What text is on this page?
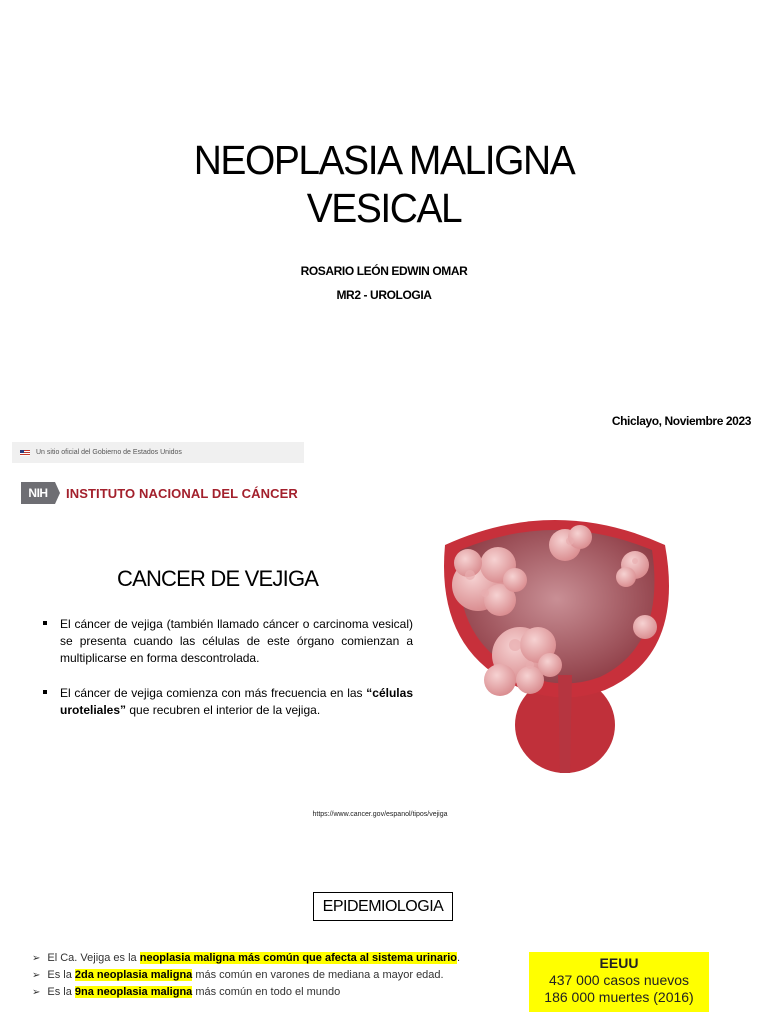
NEOPLASIA MALIGNA
VESICAL
ROSARIO LEÓN EDWIN OMAR
MR2 - UROLOGIA
Chiclayo, Noviembre 2023
Un sitio oficial del Gobierno de Estados Unidos
NIH	INSTITUTO NACIONAL DEL CÁNCER
CANCER DE VEJIGA
El cáncer de vejiga (también llamado cáncer o carcinoma vesical) se presenta cuando las células de este órgano comienzan a multiplicarse en forma descontrolada.
El cáncer de vejiga comienza con más frecuencia en las “células uroteliales” que recubren el interior de la vejiga.
https://www.cancer.gov/espanol/tipos/vejiga
EPIDEMIOLOGIA
➢ El Ca. Vejiga es la neoplasia maligna más común que afecta al sistema urinario.
➢ Es la 2da neoplasia maligna más común en varones de mediana a mayor edad.
➢ Es la 9na neoplasia maligna más común en todo el mundo
EEUU
437 000 casos nuevos
186 000 muertes (2016)
